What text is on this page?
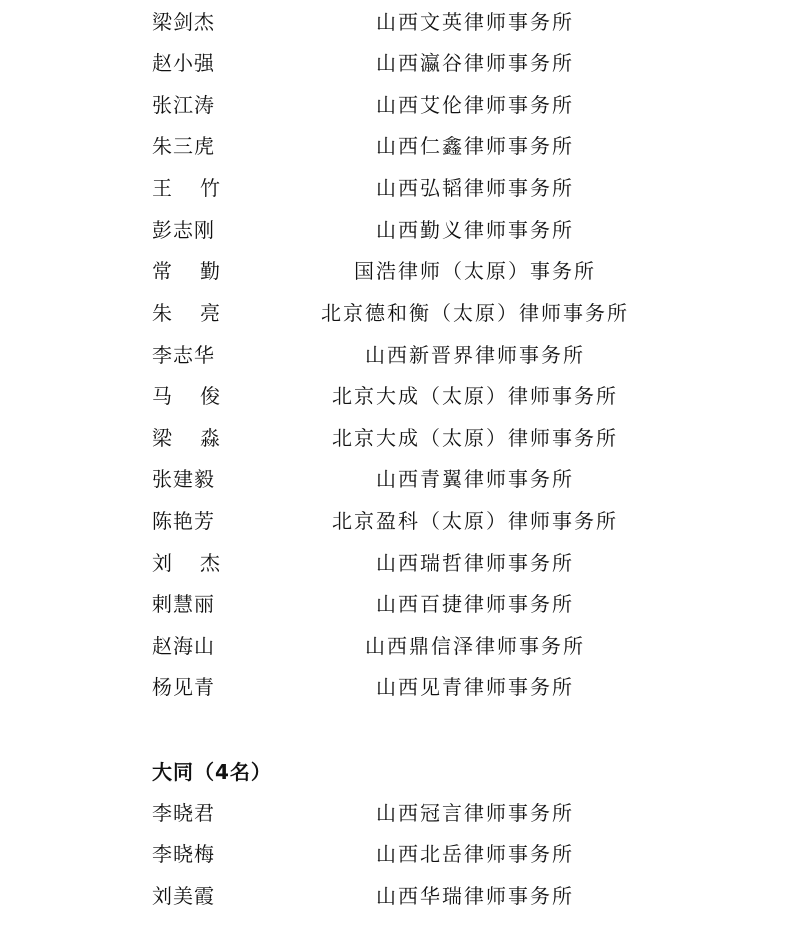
梁剑杰	山西文英律师事务所
赵小强	山西瀛谷律师事务所
张江涛	山西艾伦律师事务所
朱三虎	山西仁鑫律师事务所
王 竹	山西弘韬律师事务所
彭志刚	山西勤义律师事务所
常 勤	国浩律师（太原）事务所
朱 亮	北京德和衡（太原）律师事务所
李志华	山西新晋界律师事务所
马 俊	北京大成（太原）律师事务所
梁 淼	北京大成（太原）律师事务所
张建毅	山西青翼律师事务所
陈艳芳	北京盈科（太原）律师事务所
刘 杰	山西瑞哲律师事务所
剌慧丽	山西百捷律师事务所
赵海山	山西鼎信泽律师事务所
杨见青	山西见青律师事务所
大同（4名）
李晓君	山西冠言律师事务所
李晓梅	山西北岳律师事务所
刘美霞	山西华瑞律师事务所
